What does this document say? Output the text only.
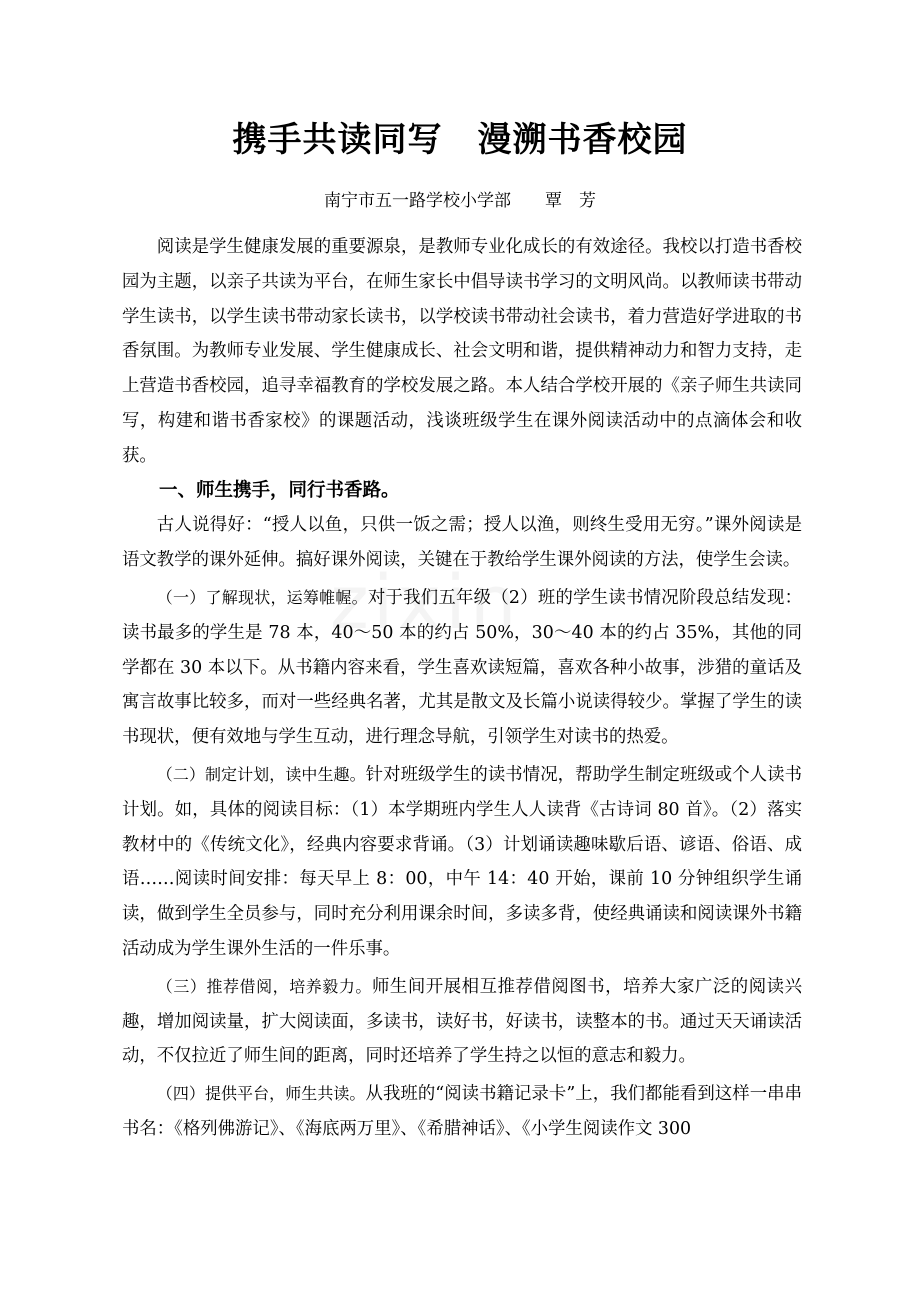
携手共读同写　漫溯书香校园
南宁市五一路学校小学部　　覃　芳

阅读是学生健康发展的重要源泉，是教师专业化成长的有效途径。我校以打造书香校园为主题，以亲子共读为平台，在师生家长中倡导读书学习的文明风尚。以教师读书带动学生读书，以学生读书带动家长读书，以学校读书带动社会读书，着力营造好学进取的书香氛围。为教师专业发展、学生健康成长、社会文明和谐，提供精神动力和智力支持，走上营造书香校园，追寻幸福教育的学校发展之路。本人结合学校开展的《亲子师生共读同写，构建和谐书香家校》的课题活动，浅谈班级学生在课外阅读活动中的点滴体会和收获。

一、师生携手，同行书香路。

古人说得好：“授人以鱼，只供一饭之需；授人以渔，则终生受用无穷。”课外阅读是语文教学的课外延伸。搞好课外阅读，关键在于教给学生课外阅读的方法，使学生会读。

（一）了解现状，运筹帷幄。对于我们五年级（2）班的学生读书情况阶段总结发现：读书最多的学生是 78 本，40～50 本的约占 50%，30～40 本的约占 35%，其他的同学都在 30 本以下。从书籍内容来看，学生喜欢读短篇，喜欢各种小故事，涉猎的童话及寓言故事比较多，而对一些经典名著，尤其是散文及长篇小说读得较少。掌握了学生的读书现状，便有效地与学生互动，进行理念导航，引领学生对读书的热爱。

（二）制定计划，读中生趣。针对班级学生的读书情况，帮助学生制定班级或个人读书计划。如，具体的阅读目标：（1）本学期班内学生人人读背《古诗词 80 首》。（2）落实教材中的《传统文化》，经典内容要求背诵。（3）计划诵读趣味歇后语、谚语、俗语、成语……阅读时间安排：每天早上 8：00，中午 14：40 开始，课前 10 分钟组织学生诵读，做到学生全员参与，同时充分利用课余时间，多读多背，使经典诵读和阅读课外书籍活动成为学生课外生活的一件乐事。

（三）推荐借阅，培养毅力。师生间开展相互推荐借阅图书，培养大家广泛的阅读兴趣，增加阅读量，扩大阅读面，多读书，读好书，好读书，读整本的书。通过天天诵读活动，不仅拉近了师生间的距离，同时还培养了学生持之以恒的意志和毅力。

（四）提供平台，师生共读。从我班的“阅读书籍记录卡”上，我们都能看到这样一串串书名：《格列佛游记》、《海底两万里》、《希腊神话》、《小学生阅读作文 300
